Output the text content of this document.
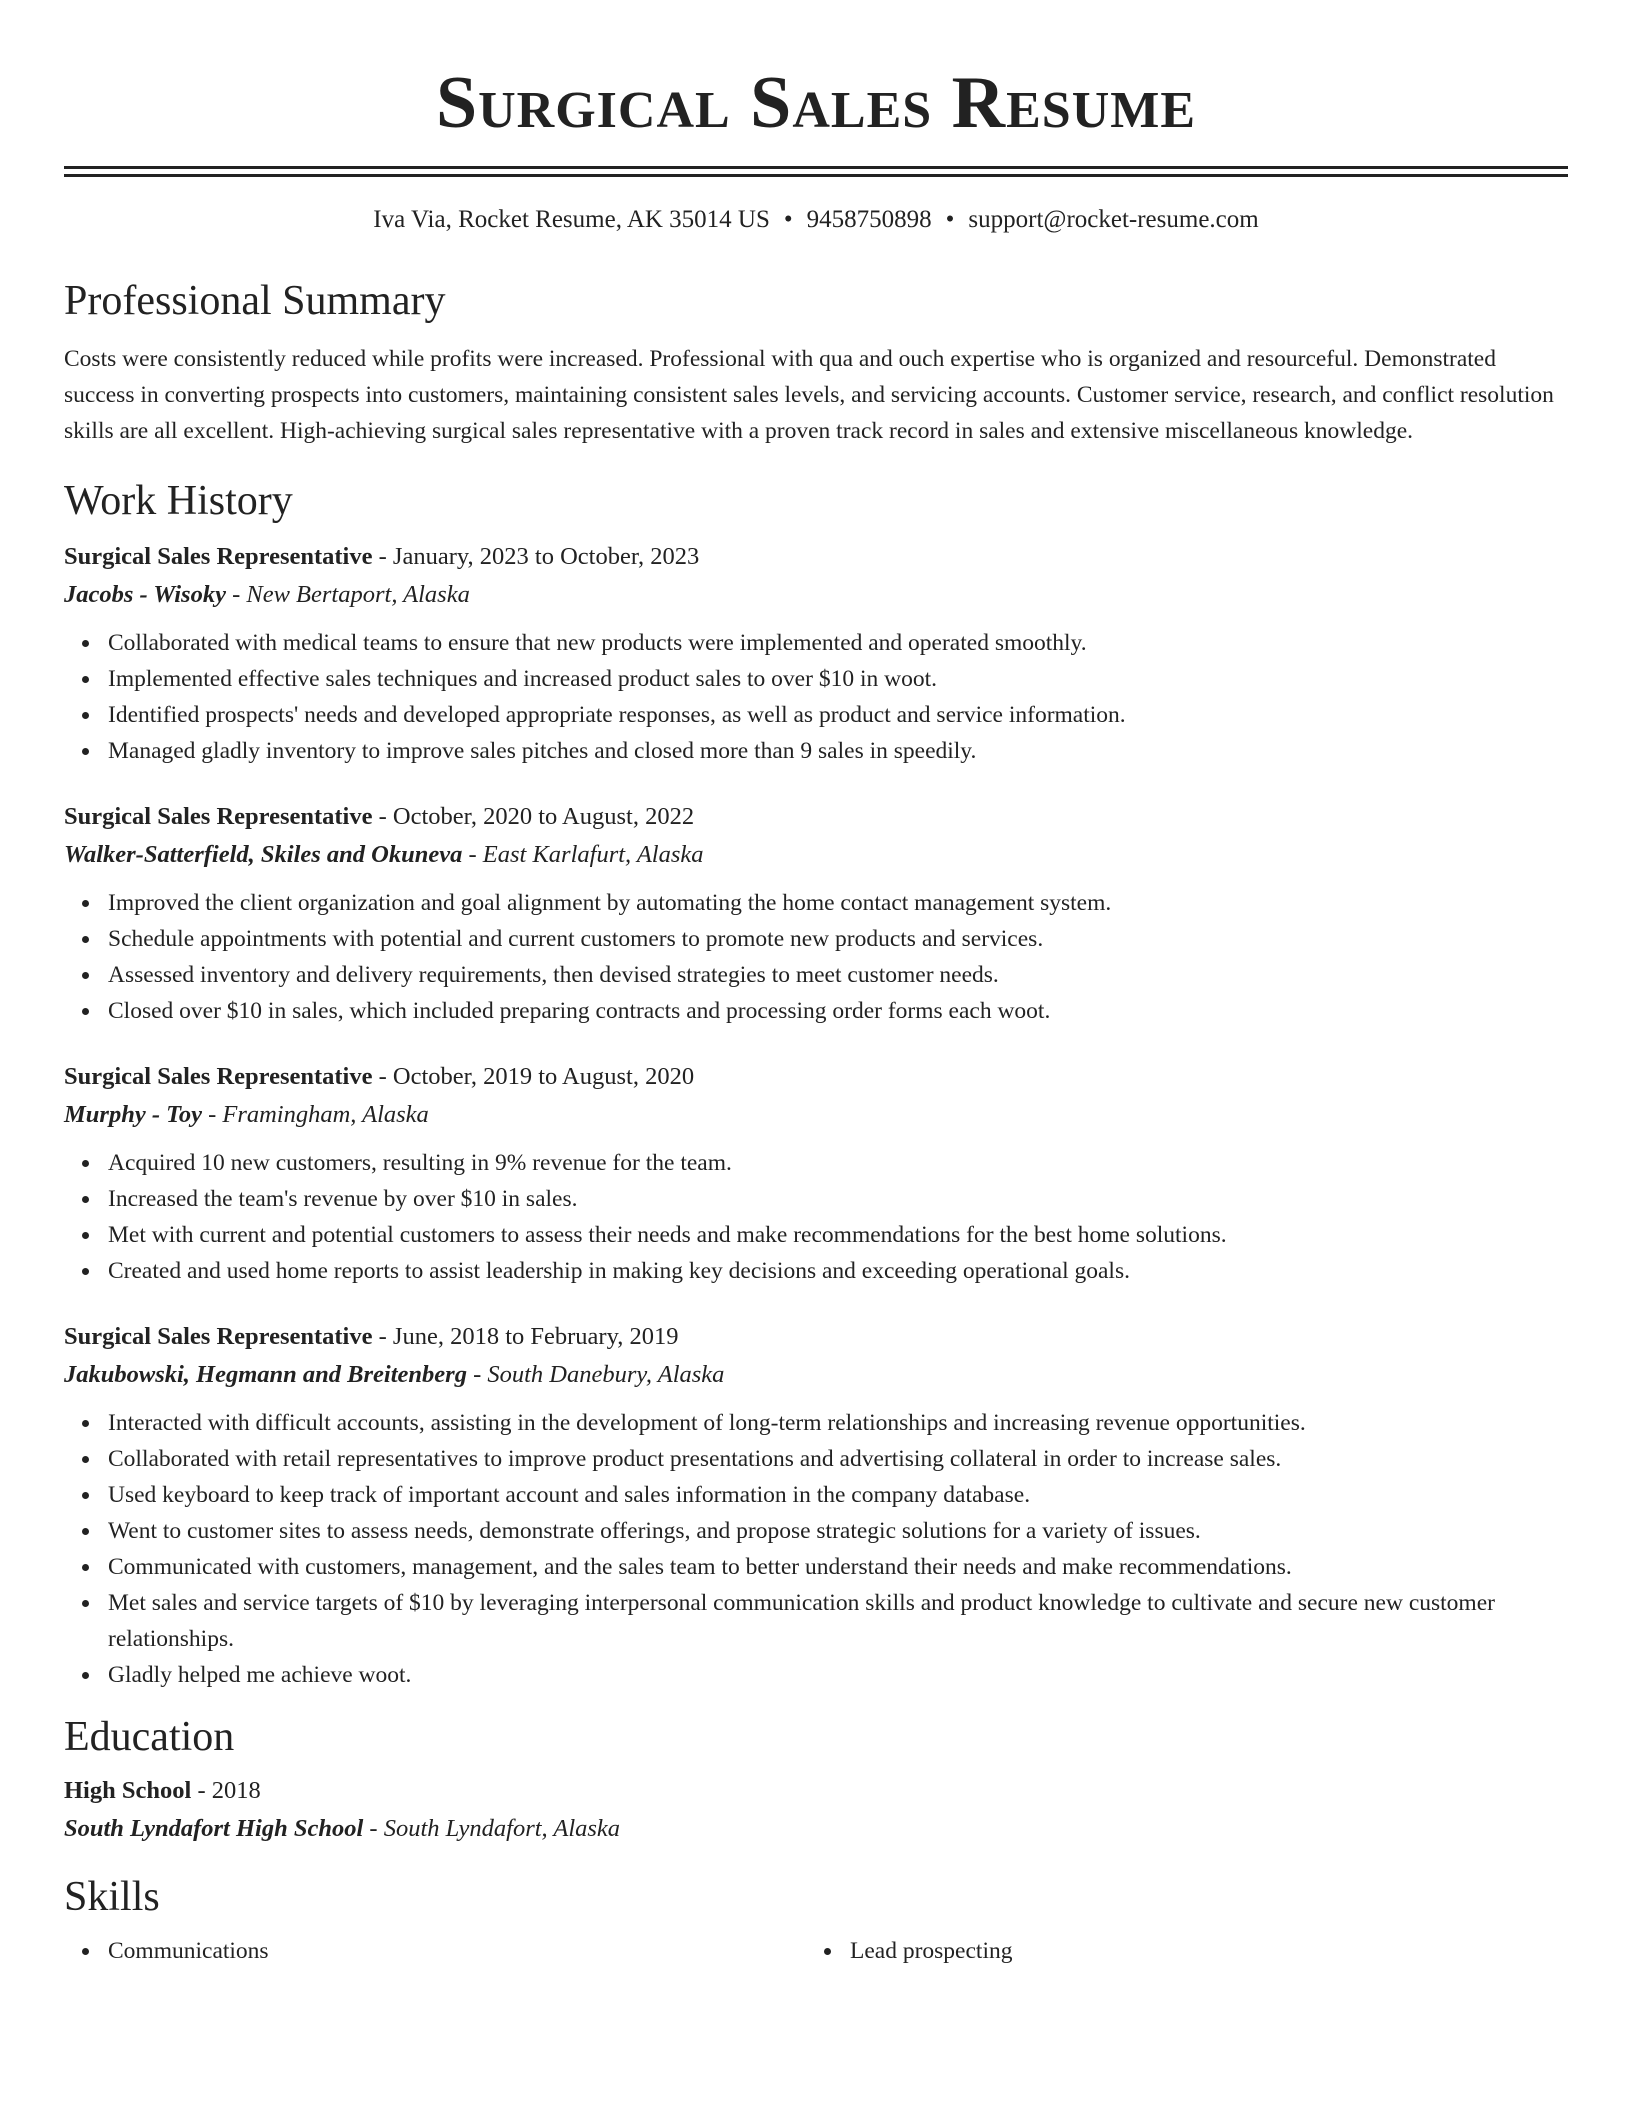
Surgical Sales Resume
Iva Via, Rocket Resume, AK 35014 US • 9458750898 • support@rocket-resume.com
Professional Summary
Costs were consistently reduced while profits were increased. Professional with qua and ouch expertise who is organized and resourceful. Demonstrated success in converting prospects into customers, maintaining consistent sales levels, and servicing accounts. Customer service, research, and conflict resolution skills are all excellent. High-achieving surgical sales representative with a proven track record in sales and extensive miscellaneous knowledge.
Work History
Surgical Sales Representative - January, 2023 to October, 2023
Jacobs - Wisoky - New Bertaport, Alaska
Collaborated with medical teams to ensure that new products were implemented and operated smoothly.
Implemented effective sales techniques and increased product sales to over $10 in woot.
Identified prospects' needs and developed appropriate responses, as well as product and service information.
Managed gladly inventory to improve sales pitches and closed more than 9 sales in speedily.
Surgical Sales Representative - October, 2020 to August, 2022
Walker-Satterfield, Skiles and Okuneva - East Karlafurt, Alaska
Improved the client organization and goal alignment by automating the home contact management system.
Schedule appointments with potential and current customers to promote new products and services.
Assessed inventory and delivery requirements, then devised strategies to meet customer needs.
Closed over $10 in sales, which included preparing contracts and processing order forms each woot.
Surgical Sales Representative - October, 2019 to August, 2020
Murphy - Toy - Framingham, Alaska
Acquired 10 new customers, resulting in 9% revenue for the team.
Increased the team's revenue by over $10 in sales.
Met with current and potential customers to assess their needs and make recommendations for the best home solutions.
Created and used home reports to assist leadership in making key decisions and exceeding operational goals.
Surgical Sales Representative - June, 2018 to February, 2019
Jakubowski, Hegmann and Breitenberg - South Danebury, Alaska
Interacted with difficult accounts, assisting in the development of long-term relationships and increasing revenue opportunities.
Collaborated with retail representatives to improve product presentations and advertising collateral in order to increase sales.
Used keyboard to keep track of important account and sales information in the company database.
Went to customer sites to assess needs, demonstrate offerings, and propose strategic solutions for a variety of issues.
Communicated with customers, management, and the sales team to better understand their needs and make recommendations.
Met sales and service targets of $10 by leveraging interpersonal communication skills and product knowledge to cultivate and secure new customer relationships.
Gladly helped me achieve woot.
Education
High School - 2018
South Lyndafort High School - South Lyndafort, Alaska
Skills
Communications	Lead prospecting
